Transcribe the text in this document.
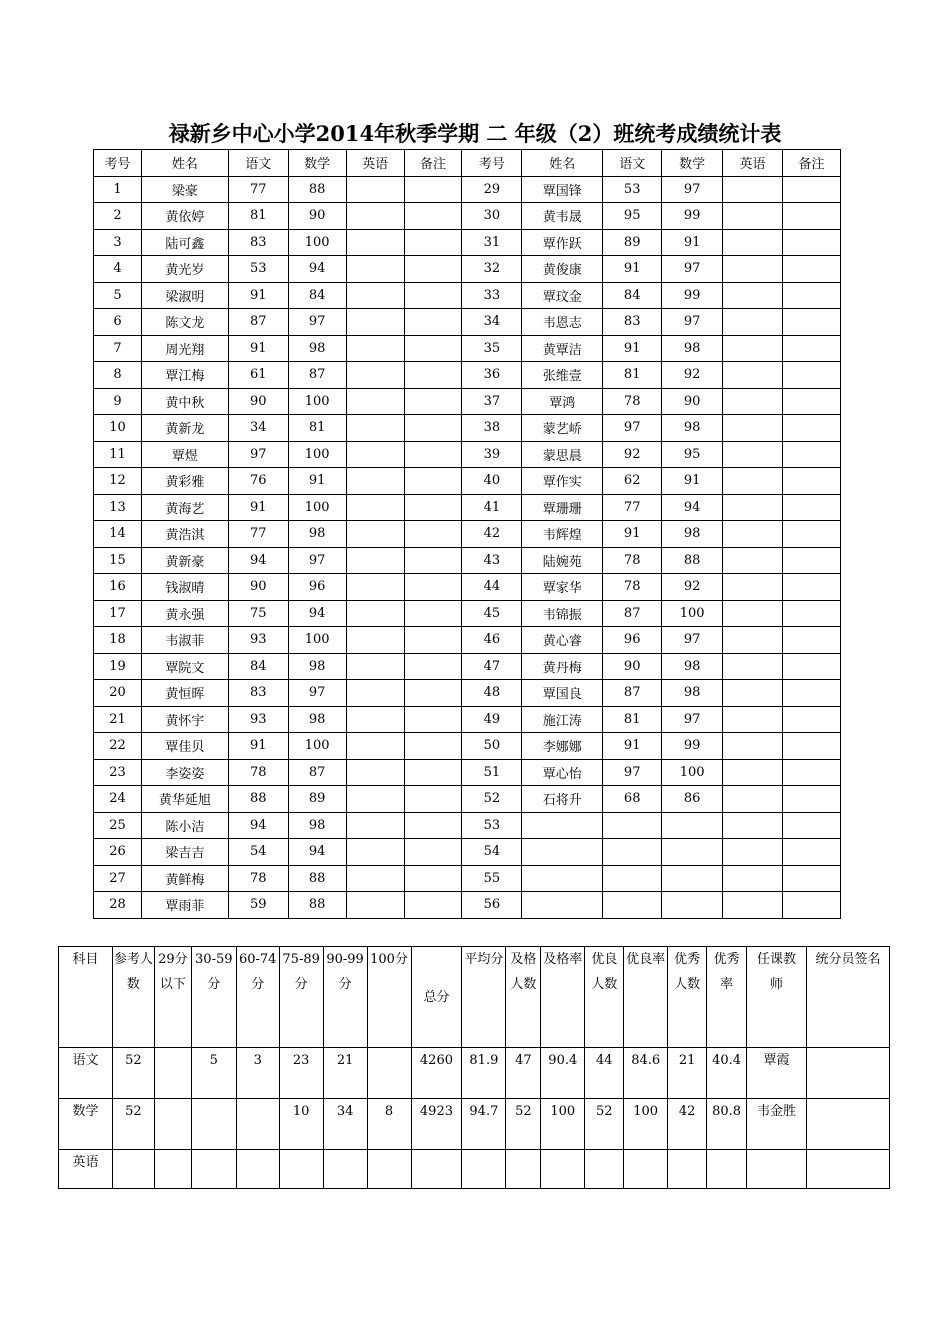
禄新乡中心小学2014年秋季学期 二 年级（2）班统考成绩统计表
考号	姓名	语文	数学	英语	备注	考号	姓名	语文	数学	英语	备注
1	梁豪	77	88			29	覃国锋	53	97		
2	黄依婷	81	90			30	黄韦晟	95	99		
3	陆可鑫	83	100			31	覃作跃	89	91		
4	黄光岁	53	94			32	黄俊康	91	97		
5	梁淑明	91	84			33	覃玟金	84	99		
6	陈文龙	87	97			34	韦恩志	83	97		
7	周光翔	91	98			35	黄覃洁	91	98		
8	覃江梅	61	87			36	张维壹	81	92		
9	黄中秋	90	100			37	覃鸿	78	90		
10	黄新龙	34	81			38	蒙艺峤	97	98		
11	覃煜	97	100			39	蒙思晨	92	95		
12	黄彩雅	76	91			40	覃作实	62	91		
13	黄海艺	91	100			41	覃珊珊	77	94		
14	黄浩淇	77	98			42	韦辉煌	91	98		
15	黄新豪	94	97			43	陆婉苑	78	88		
16	钱淑晴	90	96			44	覃家华	78	92		
17	黄永强	75	94			45	韦锦振	87	100		
18	韦淑菲	93	100			46	黄心睿	96	97		
19	覃院文	84	98			47	黄丹梅	90	98		
20	黄恒晖	83	97			48	覃国良	87	98		
21	黄怀宇	93	98			49	施江涛	81	97		
22	覃佳贝	91	100			50	李娜娜	91	99		
23	李姿姿	78	87			51	覃心怡	97	100		
24	黄华延旭	88	89			52	石将升	68	86		
25	陈小洁	94	98			53					
26	梁吉吉	54	94			54					
27	黄鲜梅	78	88			55					
28	覃雨菲	59	88			56					
科目	参考人数	29分以下	30-59分	60-74分	75-89分	90-99分	100分	总分	平均分	及格人数	及格率	优良人数	优良率	优秀人数	优秀率	任课教师	统分员签名
语文	52		5	3	23	21		4260	81.9	47	90.4	44	84.6	21	40.4	覃霞	
数学	52				10	34	8	4923	94.7	52	100	52	100	42	80.8	韦金胜	
英语																	
